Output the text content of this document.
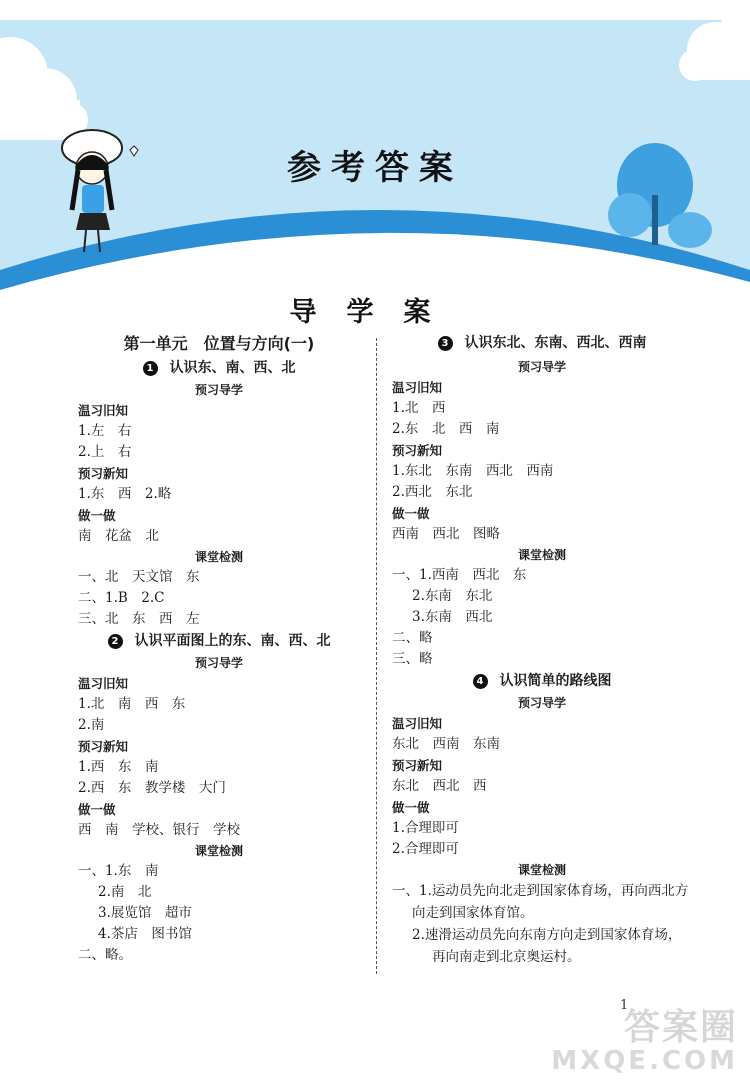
参考答案
导学案
第一单元　位置与方向(一)
1 认识东、南、西、北
预习导学
温习旧知
1.左　右
2.上　右
预习新知
1.东　西　2.略
做一做
南　花盆　北
课堂检测
一、北　天文馆　东
二、1.B　2.C
三、北　东　西　左
2 认识平面图上的东、南、西、北
预习导学
温习旧知
1.北　南　西　东
2.南
预习新知
1.西　东　南
2.西　东　教学楼　大门
做一做
西　南　学校、银行　学校
课堂检测
一、1.东　南
2.南　北
3.展览馆　超市
4.茶店　图书馆
二、略。
3 认识东北、东南、西北、西南
预习导学
温习旧知
1.北　西
2.东　北　西　南
预习新知
1.东北　东南　西北　西南
2.西北　东北
做一做
西南　西北　图略
课堂检测
一、1.西南　西北　东
2.东南　东北
3.东南　西北
二、略
三、略
4 认识简单的路线图
预习导学
温习旧知
东北　西南　东南
预习新知
东北　西北　西
做一做
1.合理即可
2.合理即可
课堂检测
一、1.运动员先向北走到国家体育场，再向西北方向走到国家体育馆。
2.速滑运动员先向东南方向走到国家体育场，再向南走到北京奥运村。
1
答案圈
MXQE.COM
